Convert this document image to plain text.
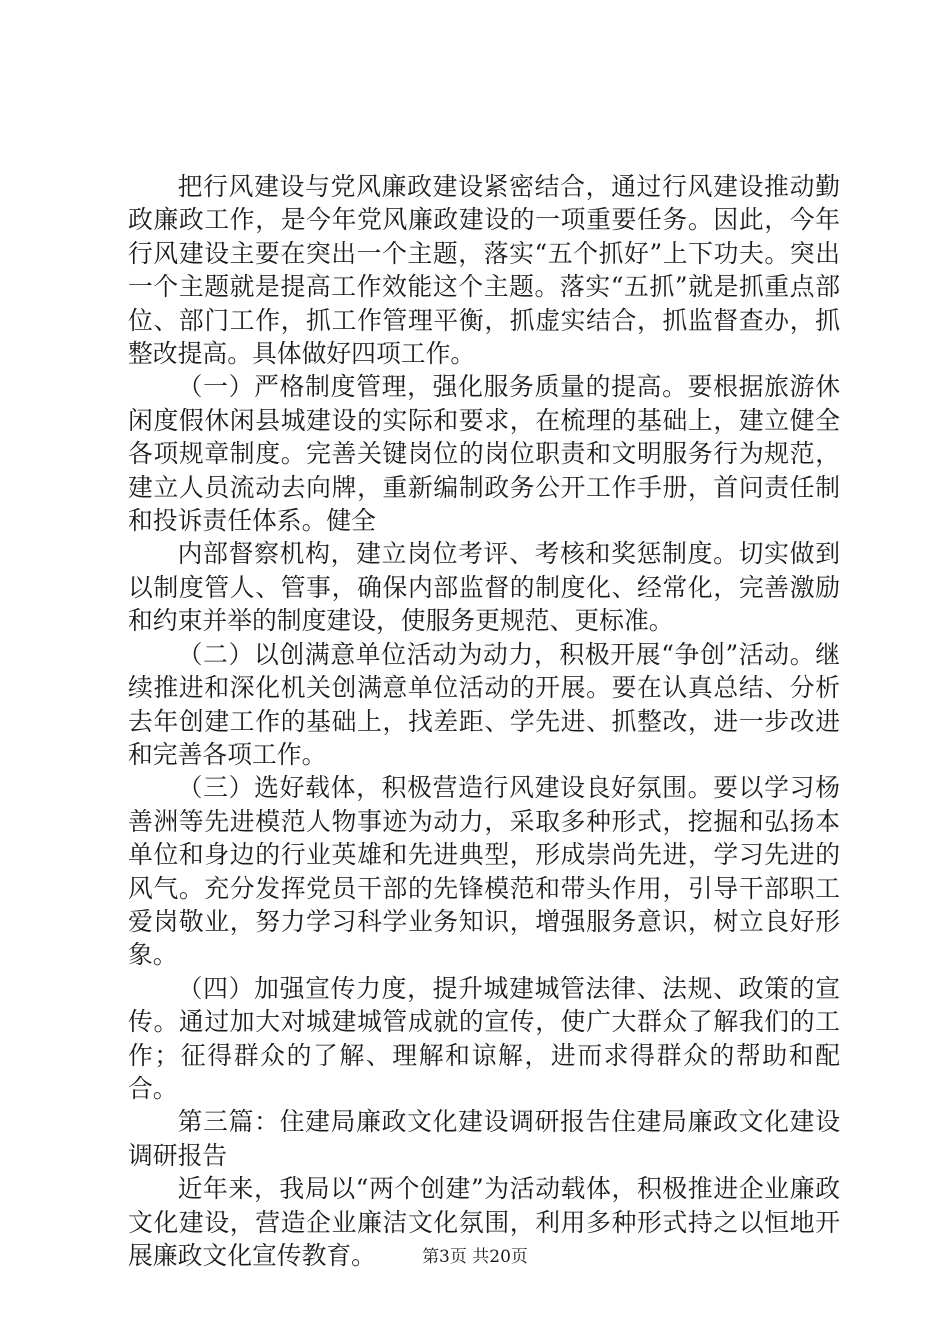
把行风建设与党风廉政建设紧密结合，通过行风建设推动勤政廉政工作，是今年党风廉政建设的一项重要任务。因此，今年行风建设主要在突出一个主题，落实“五个抓好”上下功夫。突出一个主题就是提高工作效能这个主题。落实“五抓”就是抓重点部位、部门工作，抓工作管理平衡，抓虚实结合，抓监督查办，抓整改提高。具体做好四项工作。

（一）严格制度管理，强化服务质量的提高。要根据旅游休闲度假休闲县城建设的实际和要求，在梳理的基础上，建立健全各项规章制度。完善关键岗位的岗位职责和文明服务行为规范，建立人员流动去向牌，重新编制政务公开工作手册，首问责任制和投诉责任体系。健全

内部督察机构，建立岗位考评、考核和奖惩制度。切实做到以制度管人、管事，确保内部监督的制度化、经常化，完善激励和约束并举的制度建设，使服务更规范、更标准。

（二）以创满意单位活动为动力，积极开展“争创”活动。继续推进和深化机关创满意单位活动的开展。要在认真总结、分析去年创建工作的基础上，找差距、学先进、抓整改，进一步改进和完善各项工作。

（三）选好载体，积极营造行风建设良好氛围。要以学习杨善洲等先进模范人物事迹为动力，采取多种形式，挖掘和弘扬本单位和身边的行业英雄和先进典型，形成崇尚先进，学习先进的风气。充分发挥党员干部的先锋模范和带头作用，引导干部职工爱岗敬业，努力学习科学业务知识，增强服务意识，树立良好形象。

（四）加强宣传力度，提升城建城管法律、法规、政策的宣传。通过加大对城建城管成就的宣传，使广大群众了解我们的工作；征得群众的了解、理解和谅解，进而求得群众的帮助和配合。

第三篇：住建局廉政文化建设调研报告住建局廉政文化建设调研报告

近年来，我局以“两个创建”为活动载体，积极推进企业廉政文化建设，营造企业廉洁文化氛围，利用多种形式持之以恒地开展廉政文化宣传教育。	第3页 共20页
